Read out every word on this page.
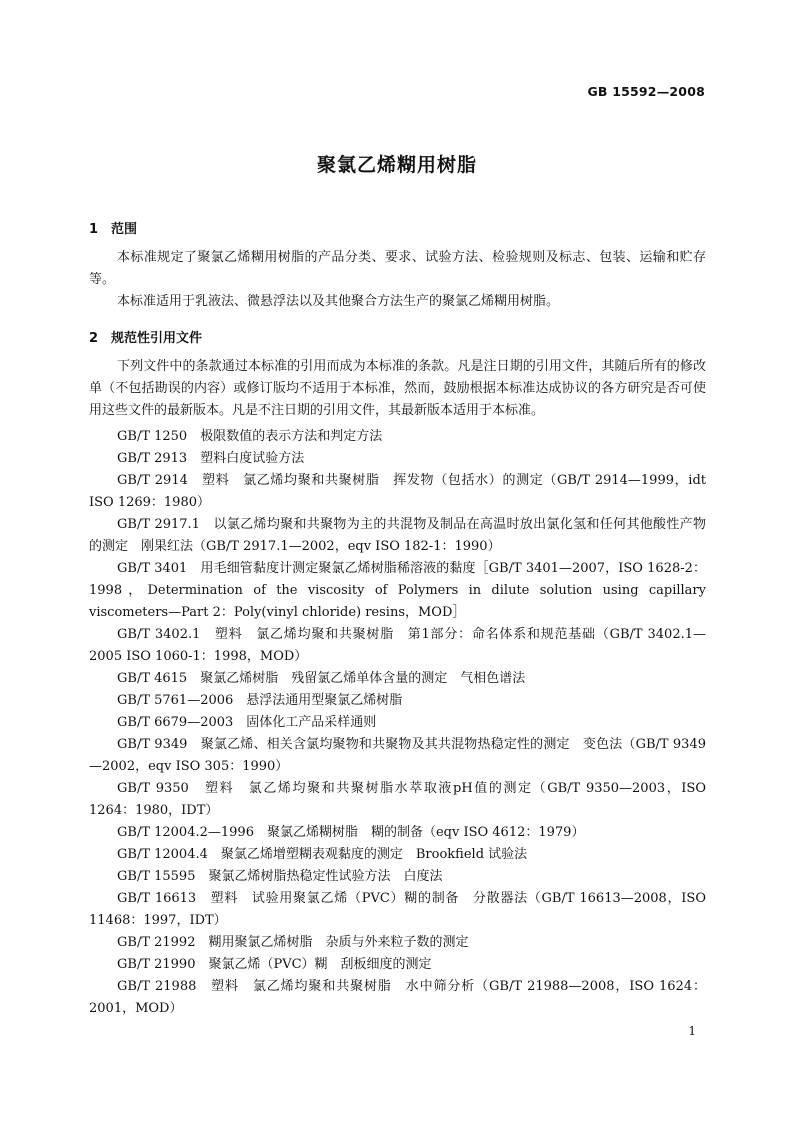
GB 15592—2008
聚氯乙烯糊用树脂
1 范围
本标准规定了聚氯乙烯糊用树脂的产品分类、要求、试验方法、检验规则及标志、包装、运输和贮存等。
本标准适用于乳液法、微悬浮法以及其他聚合方法生产的聚氯乙烯糊用树脂。
2 规范性引用文件
下列文件中的条款通过本标准的引用而成为本标准的条款。凡是注日期的引用文件，其随后所有的修改单（不包括勘误的内容）或修订版均不适用于本标准，然而，鼓励根据本标准达成协议的各方研究是否可使用这些文件的最新版本。凡是不注日期的引用文件，其最新版本适用于本标准。
GB/T 1250　极限数值的表示方法和判定方法
GB/T 2913　塑料白度试验方法
GB/T 2914　塑料　氯乙烯均聚和共聚树脂　挥发物（包括水）的测定（GB/T 2914—1999，idt ISO 1269：1980）
GB/T 2917.1　以氯乙烯均聚和共聚物为主的共混物及制品在高温时放出氯化氢和任何其他酸性产物的测定　刚果红法（GB/T 2917.1—2002，eqv ISO 182-1：1990）
GB/T 3401　用毛细管黏度计测定聚氯乙烯树脂稀溶液的黏度［GB/T 3401—2007，ISO 1628-2：1998，Determination of the viscosity of Polymers in dilute solution using capillary viscometers—Part 2：Poly(vinyl chloride) resins，MOD］
GB/T 3402.1　塑料　氯乙烯均聚和共聚树脂　第1部分：命名体系和规范基础（GB/T 3402.1—2005 ISO 1060-1：1998，MOD）
GB/T 4615　聚氯乙烯树脂　残留氯乙烯单体含量的测定　气相色谱法
GB/T 5761—2006　悬浮法通用型聚氯乙烯树脂
GB/T 6679—2003　固体化工产品采样通则
GB/T 9349　聚氯乙烯、相关含氯均聚物和共聚物及其共混物热稳定性的测定　变色法（GB/T 9349—2002，eqv ISO 305：1990）
GB/T 9350　塑料　氯乙烯均聚和共聚树脂水萃取液pH值的测定（GB/T 9350—2003，ISO 1264：1980，IDT）
GB/T 12004.2—1996　聚氯乙烯糊树脂　糊的制备（eqv ISO 4612：1979）
GB/T 12004.4　聚氯乙烯增塑糊表观黏度的测定　Brookfield 试验法
GB/T 15595　聚氯乙烯树脂热稳定性试验方法　白度法
GB/T 16613　塑料　试验用聚氯乙烯（PVC）糊的制备　分散器法（GB/T 16613—2008，ISO 11468：1997，IDT）
GB/T 21992　糊用聚氯乙烯树脂　杂质与外来粒子数的测定
GB/T 21990　聚氯乙烯（PVC）糊　刮板细度的测定
GB/T 21988　塑料　氯乙烯均聚和共聚树脂　水中筛分析（GB/T 21988—2008，ISO 1624：2001，MOD）
1
